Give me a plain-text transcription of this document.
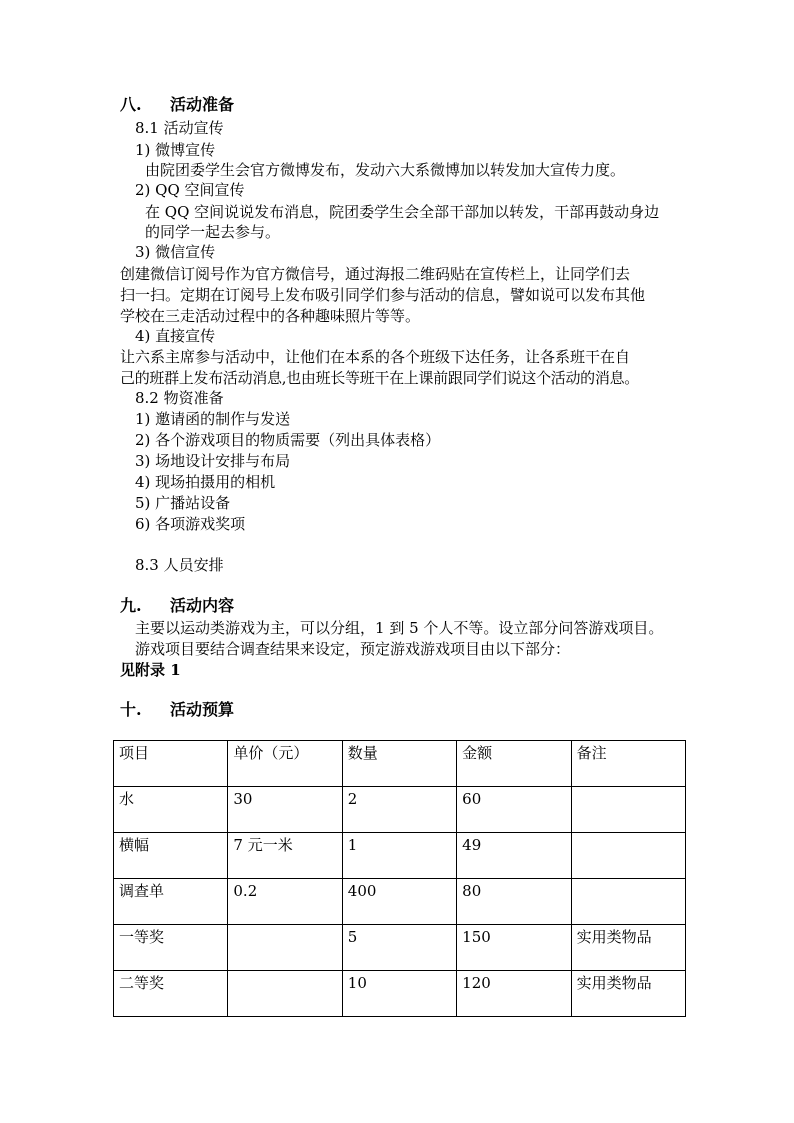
八. 活动准备
8.1 活动宣传
1) 微博宣传
由院团委学生会官方微博发布，发动六大系微博加以转发加大宣传力度。
2) QQ 空间宣传
在 QQ 空间说说发布消息，院团委学生会全部干部加以转发，干部再鼓动身边
的同学一起去参与。
3) 微信宣传
创建微信订阅号作为官方微信号，通过海报二维码贴在宣传栏上，让同学们去
扫一扫。定期在订阅号上发布吸引同学们参与活动的信息，譬如说可以发布其他
学校在三走活动过程中的各种趣味照片等等。
4) 直接宣传
让六系主席参与活动中，让他们在本系的各个班级下达任务，让各系班干在自
己的班群上发布活动消息,也由班长等班干在上课前跟同学们说这个活动的消息。
8.2 物资准备
1) 邀请函的制作与发送
2) 各个游戏项目的物质需要（列出具体表格）
3) 场地设计安排与布局
4) 现场拍摄用的相机
5) 广播站设备
6) 各项游戏奖项
8.3 人员安排
九. 活动内容
主要以运动类游戏为主，可以分组，1 到 5 个人不等。设立部分问答游戏项目。
游戏项目要结合调查结果来设定，预定游戏游戏项目由以下部分：
见附录 1
十. 活动预算
项目	单价（元）	数量	金额	备注
水	30	2	60	
横幅	7 元一米	1	49	
调查单	0.2	400	80	
一等奖		5	150	实用类物品
二等奖		10	120	实用类物品
